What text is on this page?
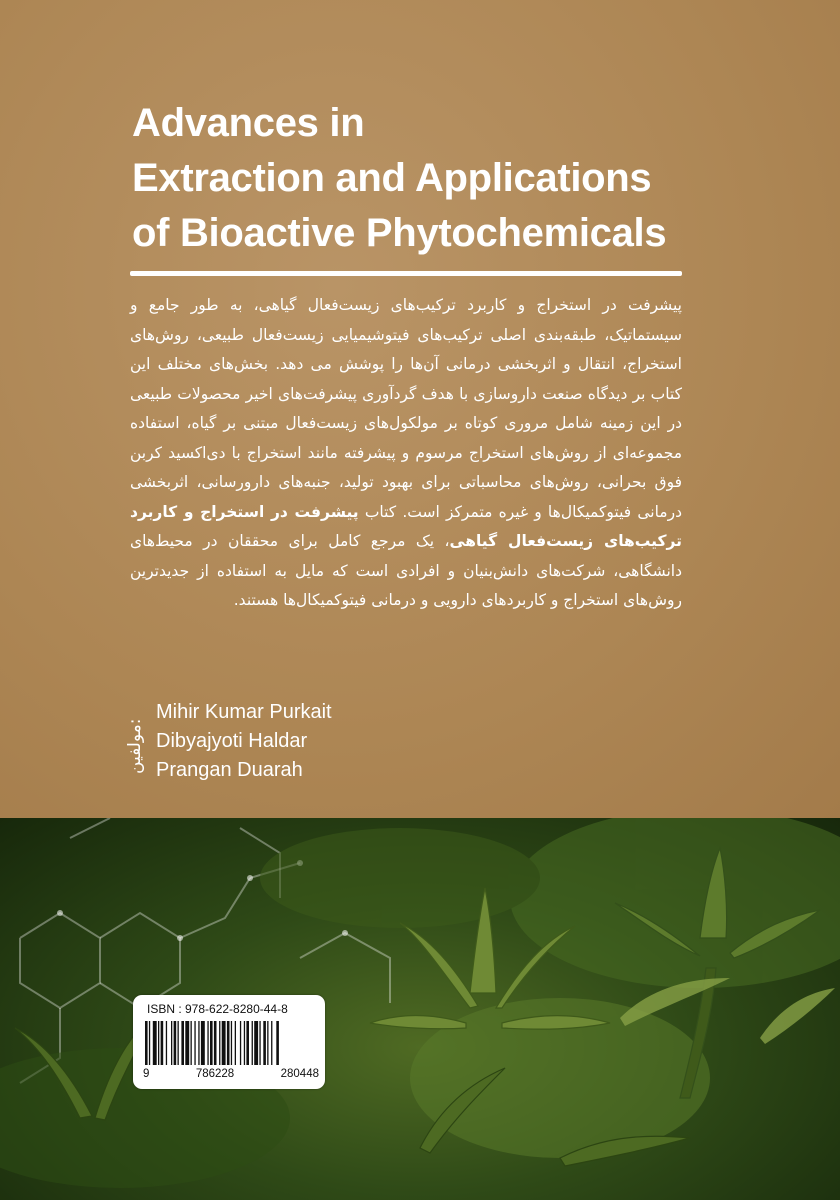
Advances in
Extraction and Applications
of Bioactive Phytochemicals

پیشرفت در استخراج و کاربرد ترکیب‌های زیست‌فعال گیاهی، به طور جامع و سیستماتیک، طبقه‌بندی اصلی ترکیب‌های فیتوشیمیایی زیست‌فعال طبیعی، روش‌های استخراج، انتقال و اثربخشی درمانی آن‌ها را پوشش می دهد. بخش‌های مختلف این کتاب بر دیدگاه صنعت داروسازی با هدف گردآوری پیشرفت‌های اخیر محصولات طبیعی در این زمینه شامل مروری کوتاه بر مولکول‌های زیست‌فعال مبتنی بر گیاه، استفاده مجموعه‌ای از روش‌های استخراج مرسوم و پیشرفته مانند استخراج با دی‌اکسید کربن فوق بحرانی، روش‌های محاسباتی برای بهبود تولید، جنبه‌های دارورسانی، اثربخشی درمانی فیتوکمیکال‌ها و غیره متمرکز است. کتاب پیشرفت در استخراج و کاربرد ترکیب‌های زیست‌فعال گیاهی، یک مرجع کامل برای محققان در محیط‌های دانشگاهی، شرکت‌های دانش‌بنیان و افرادی است که مایل به استفاده از جدیدترین روش‌های استخراج و کاربردهای دارویی و درمانی فیتوکمیکال‌ها هستند.

مولفین: Mihir Kumar Purkait
Dibyajyoti Haldar
Prangan Duarah
ISBN : 978-622-8280-44-8
9	786228	280448
